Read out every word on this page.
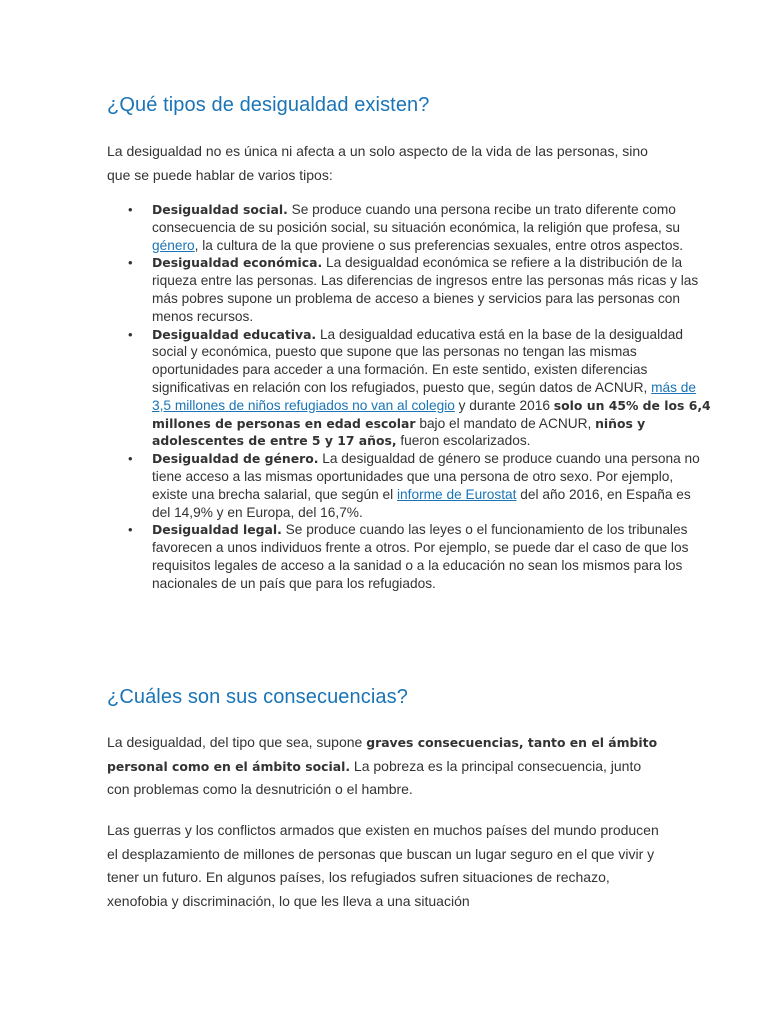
¿Qué tipos de desigualdad existen?

La desigualdad no es única ni afecta a un solo aspecto de la vida de las personas, sino que se puede hablar de varios tipos:

• Desigualdad social. Se produce cuando una persona recibe un trato diferente como consecuencia de su posición social, su situación económica, la religión que profesa, su género, la cultura de la que proviene o sus preferencias sexuales, entre otros aspectos.
• Desigualdad económica. La desigualdad económica se refiere a la distribución de la riqueza entre las personas. Las diferencias de ingresos entre las personas más ricas y las más pobres supone un problema de acceso a bienes y servicios para las personas con menos recursos.
• Desigualdad educativa. La desigualdad educativa está en la base de la desigualdad social y económica, puesto que supone que las personas no tengan las mismas oportunidades para acceder a una formación. En este sentido, existen diferencias significativas en relación con los refugiados, puesto que, según datos de ACNUR, más de 3,5 millones de niños refugiados no van al colegio y durante 2016 solo un 45% de los 6,4 millones de personas en edad escolar bajo el mandato de ACNUR, niños y adolescentes de entre 5 y 17 años, fueron escolarizados.
• Desigualdad de género. La desigualdad de género se produce cuando una persona no tiene acceso a las mismas oportunidades que una persona de otro sexo. Por ejemplo, existe una brecha salarial, que según el informe de Eurostat del año 2016, en España es del 14,9% y en Europa, del 16,7%.
• Desigualdad legal. Se produce cuando las leyes o el funcionamiento de los tribunales favorecen a unos individuos frente a otros. Por ejemplo, se puede dar el caso de que los requisitos legales de acceso a la sanidad o a la educación no sean los mismos para los nacionales de un país que para los refugiados.
¿Cuáles son sus consecuencias?

La desigualdad, del tipo que sea, supone graves consecuencias, tanto en el ámbito personal como en el ámbito social. La pobreza es la principal consecuencia, junto con problemas como la desnutrición o el hambre.

Las guerras y los conflictos armados que existen en muchos países del mundo producen el desplazamiento de millones de personas que buscan un lugar seguro en el que vivir y tener un futuro. En algunos países, los refugiados sufren situaciones de rechazo, xenofobia y discriminación, lo que les lleva a una situación
